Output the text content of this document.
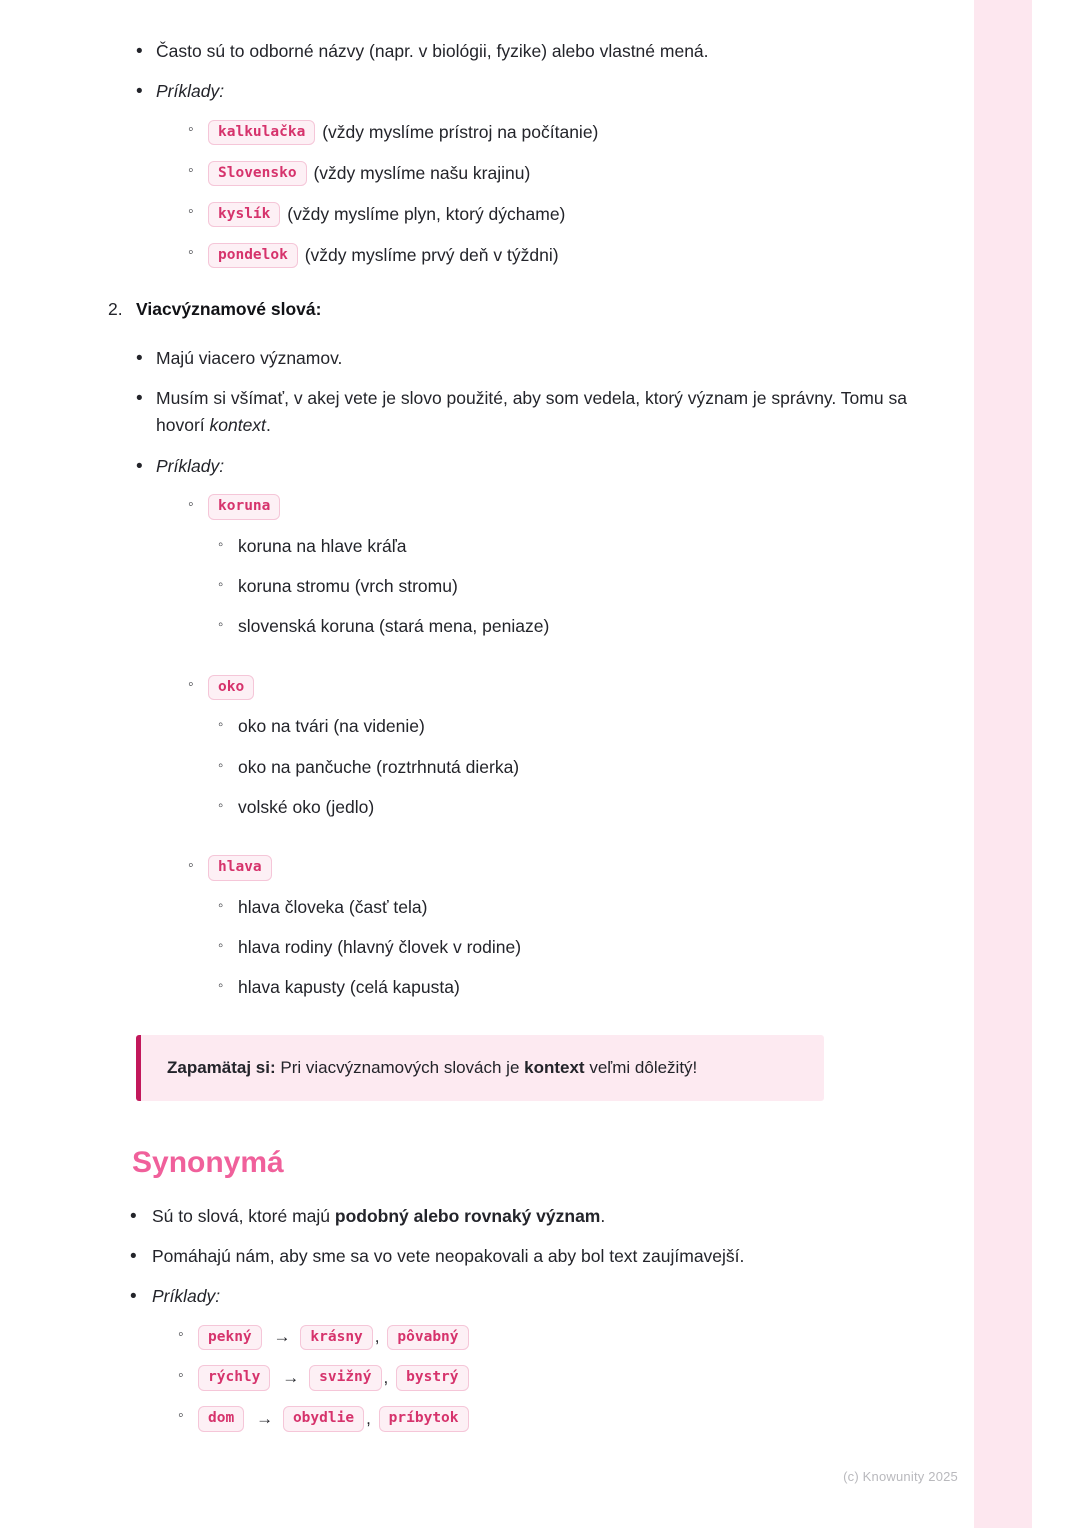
• Často sú to odborné názvy (napr. v biológii, fyzike) alebo vlastné mená.
• Príklady:
◦ kalkulačka (vždy myslíme prístroj na počítanie)
◦ Slovensko (vždy myslíme našu krajinu)
◦ kyslík (vždy myslíme plyn, ktorý dýchame)
◦ pondelok (vždy myslíme prvý deň v týždni)
2. Viacvýznamové slová:
• Majú viacero významov.
• Musím si všímať, v akej vete je slovo použité, aby som vedela, ktorý význam je správny. Tomu sa hovorí kontext.
• Príklady:
◦ koruna
◦ koruna na hlave kráľa
◦ koruna stromu (vrch stromu)
◦ slovenská koruna (stará mena, peniaze)
◦ oko
◦ oko na tvári (na videnie)
◦ oko na pančuche (roztrhnutá dierka)
◦ volské oko (jedlo)
◦ hlava
◦ hlava človeka (časť tela)
◦ hlava rodiny (hlavný človek v rodine)
◦ hlava kapusty (celá kapusta)
Zapamätaj si: Pri viacvýznamových slovách je kontext veľmi dôležitý!
Synonymá
• Sú to slová, ktoré majú podobný alebo rovnaký význam.
• Pomáhajú nám, aby sme sa vo vete neopakovali a aby bol text zaujímavejší.
• Príklady:
◦ pekný → krásny , pôvabný
◦ rýchly → svižný , bystrý
◦ dom → obydlie , príbytok
(c) Knowunity 2025
